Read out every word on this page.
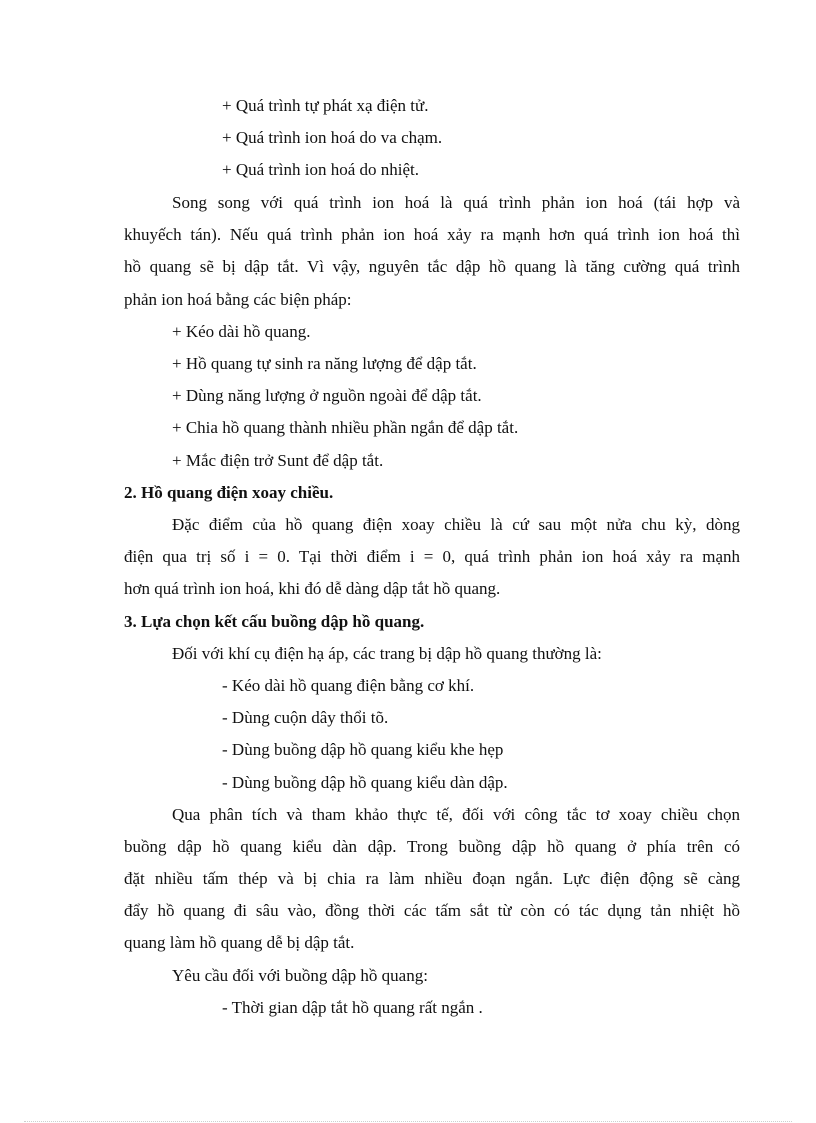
+ Quá trình tự phát xạ điện tử.
+ Quá trình ion hoá do va chạm.
+ Quá trình ion hoá do nhiệt.
Song song với quá trình ion hoá là quá trình phản ion hoá (tái hợp và
khuyếch tán). Nếu quá trình phản ion hoá xảy ra mạnh hơn quá trình ion hoá thì
hồ quang sẽ bị dập tắt. Vì vậy, nguyên tắc dập hồ quang là tăng cường quá trình
phản ion hoá bằng các biện pháp:
+ Kéo dài hồ quang.
+ Hồ quang tự sinh ra năng lượng để dập tắt.
+ Dùng năng lượng ở nguồn ngoài để dập tắt.
+ Chia hồ quang thành nhiều phần ngắn để dập tắt.
+ Mắc điện trở Sunt để dập tắt.
2. Hồ quang điện xoay chiều.
Đặc điểm của hồ quang điện xoay chiều là cứ sau một nửa chu kỳ, dòng
điện qua trị số i = 0. Tại thời điểm i = 0, quá trình phản ion hoá xảy ra mạnh
hơn quá trình ion hoá, khi đó dễ dàng dập tắt hồ quang.
3. Lựa chọn kết cấu buồng dập hồ quang.
Đối với khí cụ điện hạ áp, các trang bị dập hồ quang thường là:
- Kéo dài hồ quang điện bằng cơ khí.
- Dùng cuộn dây thổi tõ.
- Dùng buồng dập hồ quang kiểu khe hẹp
- Dùng buồng dập hồ quang kiểu dàn dập.
Qua phân tích và tham khảo thực tế, đối với công tắc tơ xoay chiều chọn
buồng dập hồ quang kiểu dàn dập. Trong buồng dập hồ quang ở phía trên có
đặt nhiều tấm thép và bị chia ra làm nhiều đoạn ngắn. Lực điện động sẽ càng
đẩy hồ quang đi sâu vào, đồng thời các tấm sắt từ còn có tác dụng tản nhiệt hồ
quang làm hồ quang dễ bị dập tắt.
Yêu cầu đối với buồng dập hồ quang:
- Thời gian dập tắt hồ quang rất ngắn .
